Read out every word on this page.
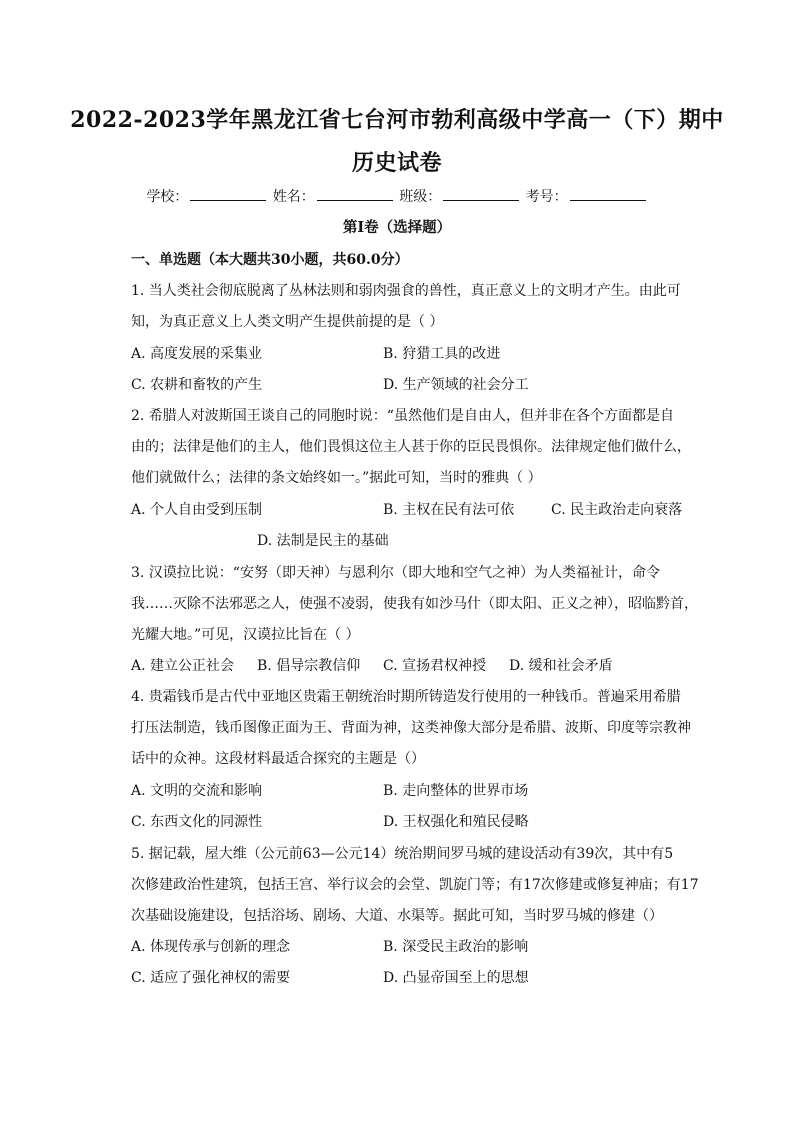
2022-2023学年黑龙江省七台河市勃利高级中学高一（下）期中
历史试卷
学校：	姓名：	班级：	考号：
第I卷（选择题）
一、单选题（本大题共30小题，共60.0分）
1. 当人类社会彻底脱离了丛林法则和弱肉强食的兽性，真正意义上的文明才产生。由此可
知，为真正意义上人类文明产生提供前提的是（ ）
A. 高度发展的采集业	B. 狩猎工具的改进
C. 农耕和畜牧的产生	D. 生产领域的社会分工
2. 希腊人对波斯国王谈自己的同胞时说：“虽然他们是自由人，但并非在各个方面都是自
由的；法律是他们的主人，他们畏惧这位主人甚于你的臣民畏惧你。法律规定他们做什么，
他们就做什么；法律的条文始终如一。”据此可知，当时的雅典（ ）
A. 个人自由受到压制	B. 主权在民有法可依	C. 民主政治走向衰落
D. 法制是民主的基础
3. 汉谟拉比说：“安努（即天神）与恩利尔（即大地和空气之神）为人类福祉计，命令
我……灭除不法邪恶之人，使强不凌弱，使我有如沙马什（即太阳、正义之神），昭临黔首，
光耀大地。”可见，汉谟拉比旨在（ ）
A. 建立公正社会 B. 倡导宗教信仰 C. 宣扬君权神授 D. 缓和社会矛盾
4. 贵霜钱币是古代中亚地区贵霜王朝统治时期所铸造发行使用的一种钱币。普遍采用希腊
打压法制造，钱币图像正面为王、背面为神，这类神像大部分是希腊、波斯、印度等宗教神
话中的众神。这段材料最适合探究的主题是（）
A. 文明的交流和影响	B. 走向整体的世界市场
C. 东西文化的同源性	D. 王权强化和殖民侵略
5. 据记载，屋大维（公元前63—公元14）统治期间罗马城的建设活动有39次，其中有5
次修建政治性建筑，包括王宫、举行议会的会堂、凯旋门等；有17次修建或修复神庙；有17
次基础设施建设，包括浴场、剧场、大道、水渠等。据此可知，当时罗马城的修建（）
A. 体现传承与创新的理念	B. 深受民主政治的影响
C. 适应了强化神权的需要	D. 凸显帝国至上的思想
